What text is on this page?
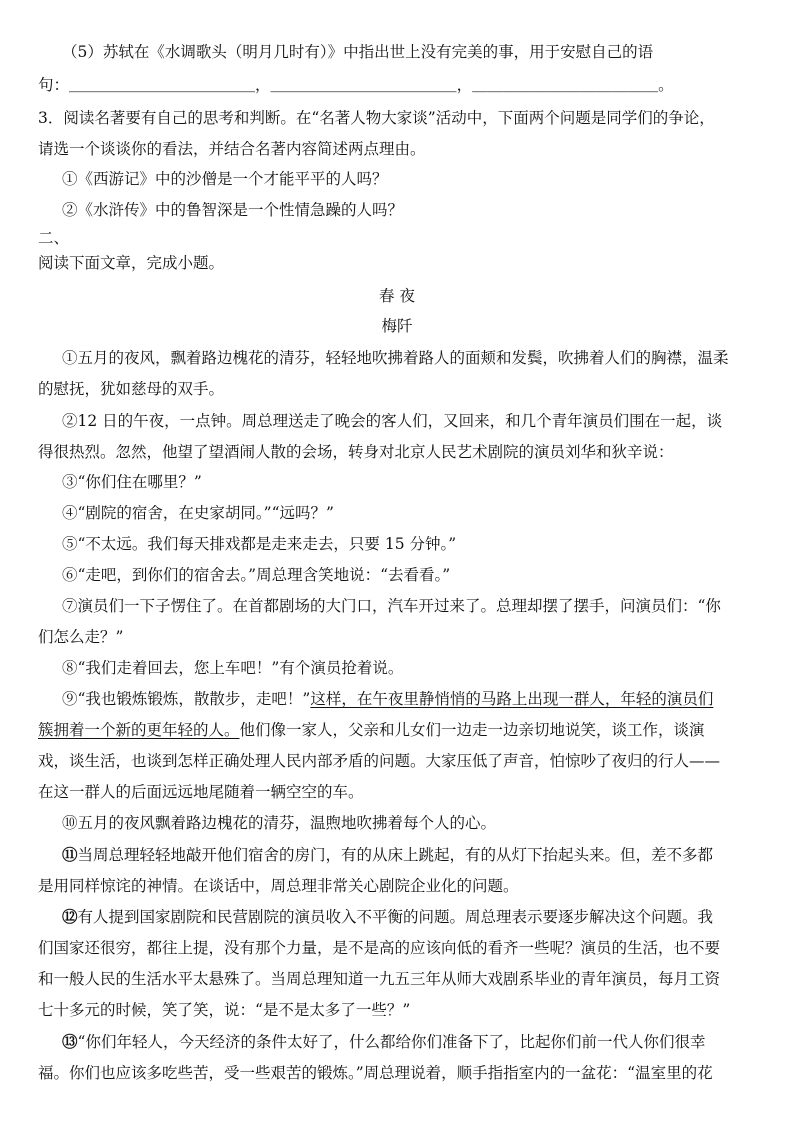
（5）苏轼在《水调歌头（明月几时有）》中指出世上没有完美的事，用于安慰自己的语
句：＿＿＿＿＿＿＿＿＿＿＿＿，＿＿＿＿＿＿＿＿＿＿＿＿，＿＿＿＿＿＿＿＿＿＿＿＿。
3．阅读名著要有自己的思考和判断。在“名著人物大家谈”活动中，下面两个问题是同学们的争论，
请选一个谈谈你的看法，并结合名著内容简述两点理由。
①《西游记》中的沙僧是一个才能平平的人吗？
②《水浒传》中的鲁智深是一个性情急躁的人吗？
二、
阅读下面文章，完成小题。
春 夜
梅阡
①五月的夜风，飘着路边槐花的清芬，轻轻地吹拂着路人的面颊和发鬓，吹拂着人们的胸襟，温柔
的慰抚，犹如慈母的双手。
②12 日的午夜，一点钟。周总理送走了晚会的客人们，又回来，和几个青年演员们围在一起，谈
得很热烈。忽然，他望了望酒闹人散的会场，转身对北京人民艺术剧院的演员刘华和狄辛说：
③“你们住在哪里？”
④“剧院的宿舍，在史家胡同。”“远吗？”
⑤“不太远。我们每天排戏都是走来走去，只要 15 分钟。”
⑥“走吧，到你们的宿舍去。”周总理含笑地说：“去看看。”
⑦演员们一下子愣住了。在首都剧场的大门口，汽车开过来了。总理却摆了摆手，问演员们：“你
们怎么走？”
⑧“我们走着回去，您上车吧！”有个演员抢着说。
⑨“我也锻炼锻炼，散散步，走吧！”这样，在午夜里静悄悄的马路上出现一群人，年轻的演员们
簇拥着一个新的更年轻的人。他们像一家人，父亲和儿女们一边走一边亲切地说笑，谈工作，谈演
戏，谈生活，也谈到怎样正确处理人民内部矛盾的问题。大家压低了声音，怕惊吵了夜归的行人——
在这一群人的后面远远地尾随着一辆空空的车。
⑩五月的夜风飘着路边槐花的清芬，温煦地吹拂着每个人的心。
⑪当周总理轻轻地敲开他们宿舍的房门，有的从床上跳起，有的从灯下抬起头来。但，差不多都
是用同样惊诧的神情。在谈话中，周总理非常关心剧院企业化的问题。
⑫有人提到国家剧院和民营剧院的演员收入不平衡的问题。周总理表示要逐步解决这个问题。我
们国家还很穷，都往上提，没有那个力量，是不是高的应该向低的看齐一些呢？演员的生活，也不要
和一般人民的生活水平太悬殊了。当周总理知道一九五三年从师大戏剧系毕业的青年演员，每月工资
七十多元的时候，笑了笑，说：“是不是太多了一些？”
⑬“你们年轻人，今天经济的条件太好了，什么都给你们准备下了，比起你们前一代人你们很幸
福。你们也应该多吃些苦，受一些艰苦的锻炼。”周总理说着，顺手指指室内的一盆花：“温室里的花
